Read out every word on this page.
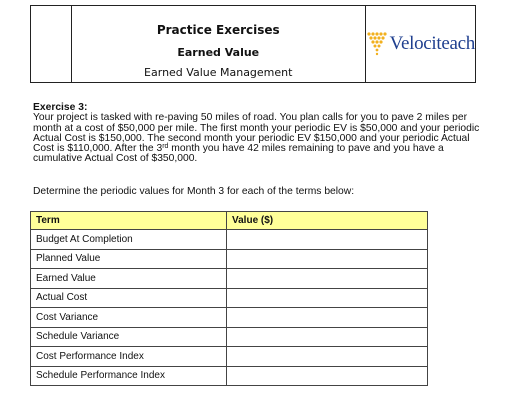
Practice Exercises
Earned Value
Earned Value Management
Velociteach

Exercise 3:

Your project is tasked with re-paving 50 miles of road. You plan calls for you to pave 2 miles per month at a cost of $50,000 per mile. The first month your periodic EV is $50,000 and your periodic Actual Cost is $150,000. The second month your periodic EV $150,000 and your periodic Actual Cost is $110,000. After the 3rd month you have 42 miles remaining to pave and you have a cumulative Actual Cost of $350,000.

Determine the periodic values for Month 3 for each of the terms below:
Term	Value ($)
Budget At Completion	
Planned Value	
Earned Value	
Actual Cost	
Cost Variance	
Schedule Variance	
Cost Performance Index	
Schedule Performance Index	
